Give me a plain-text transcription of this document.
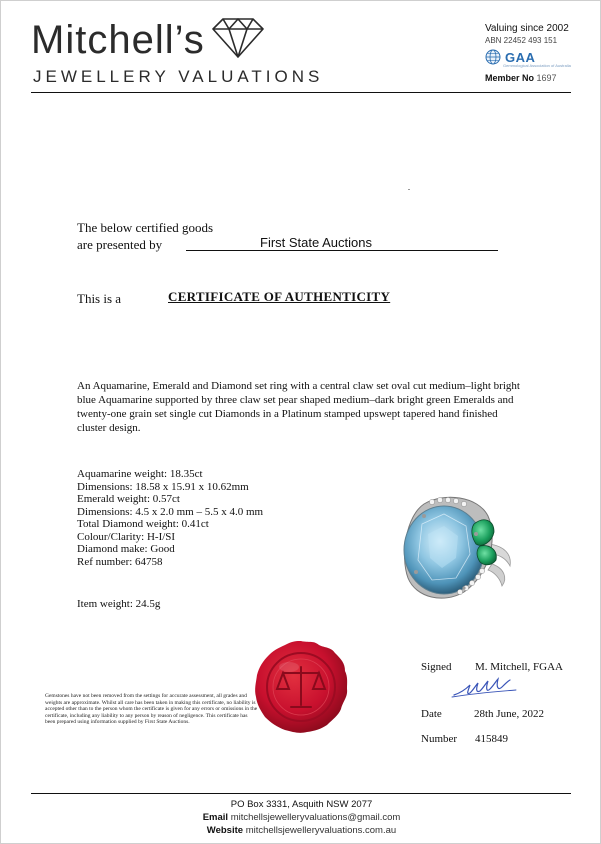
Mitchell’s
JEWELLERY VALUATIONS
Valuing since 2002
ABN 22452 493 151
GAA
Gemmological Association of Australia
Member No 1697
The below certified goods
are presented by	First State Auctions
This is a	CERTIFICATE OF AUTHENTICITY
An Aquamarine, Emerald and Diamond set ring with a central claw set oval cut medium–light bright blue Aquamarine supported by three claw set pear shaped medium–dark bright green Emeralds and twenty-one grain set single cut Diamonds in a Platinum stamped upswept tapered hand finished cluster design.
Aquamarine weight: 18.35ct
Dimensions: 18.58 x 15.91 x 10.62mm
Emerald weight: 0.57ct
Dimensions: 4.5 x 2.0 mm – 5.5 x 4.0 mm
Total Diamond weight: 0.41ct
Colour/Clarity: H-I/SI
Diamond make: Good
Ref number: 64758
Item weight: 24.5g
Gemstones have not been removed from the settings for accurate assessment, all grades and weights are approximate. Whilst all care has been taken in making this certificate, no liability is accepted other than to the person whom the certificate is given for any errors or omissions in the certificate, including any liability to any person by reason of negligence. This certificate has been prepared using information supplied by First State Auctions.
Signed M. Mitchell, FGAA
Date	28th June, 2022
Number 415849
PO Box 3331, Asquith NSW 2077
Email mitchellsjewelleryvaluations@gmail.com
Website mitchellsjewelleryvaluations.com.au
